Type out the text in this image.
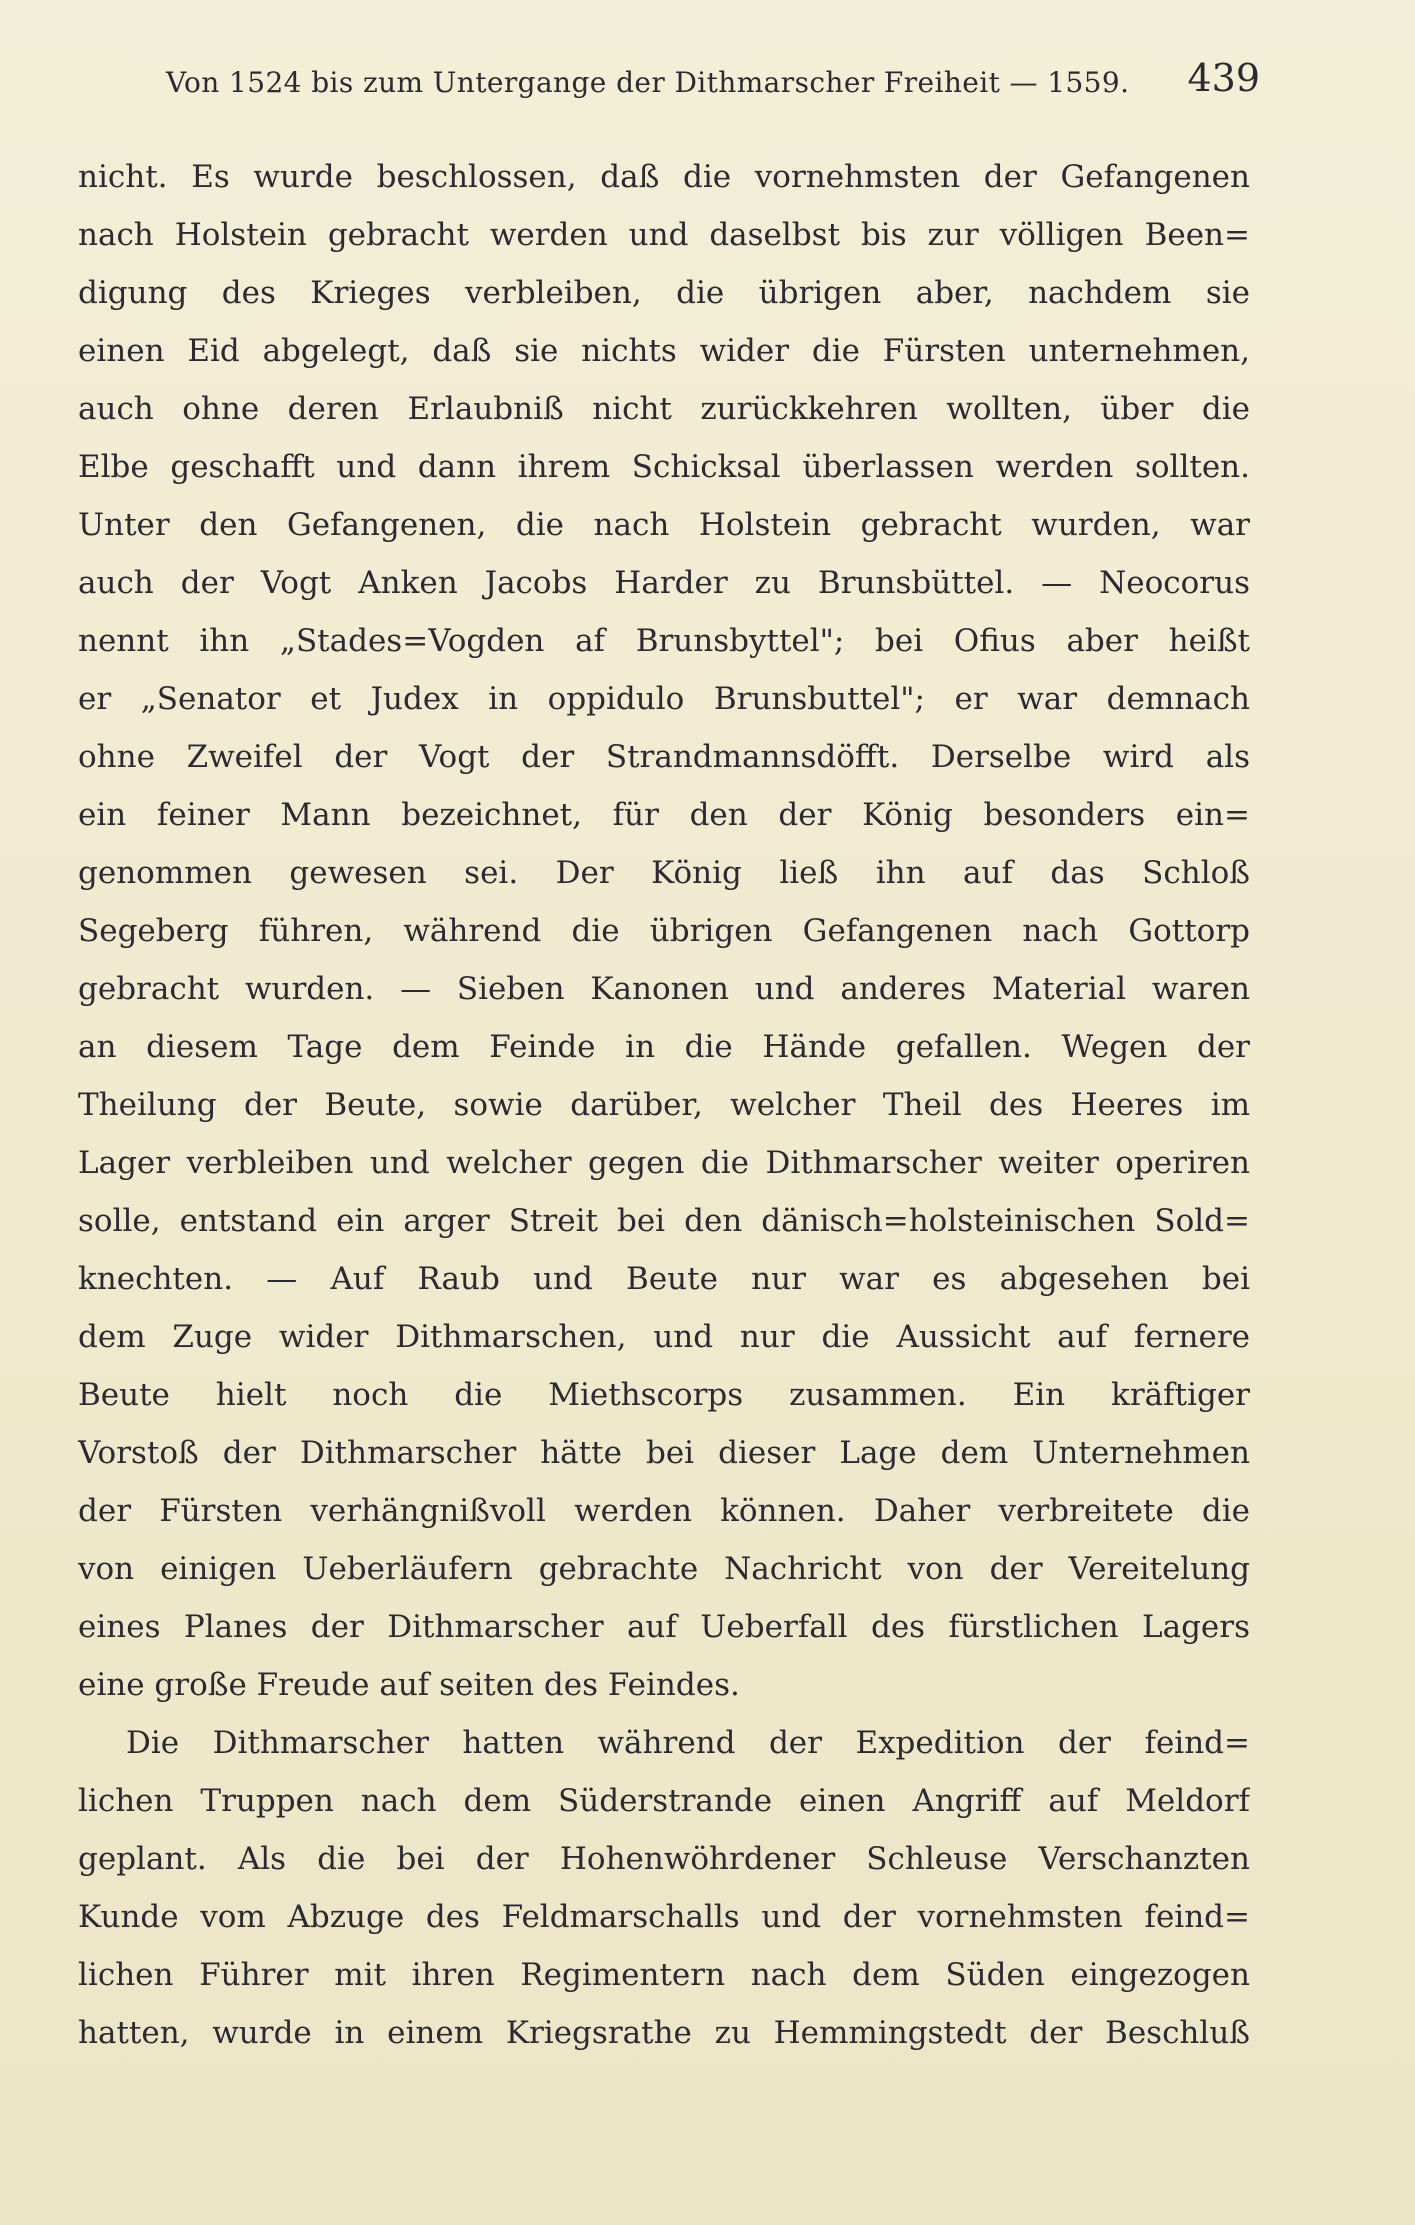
Von 1524 bis zum Untergange der Dithmarscher Freiheit — 1559. 439
nicht. Es wurde beschlossen, daß die vornehmsten der Gefangenen
nach Holstein gebracht werden und daselbst bis zur völligen Been=
digung des Krieges verbleiben, die übrigen aber, nachdem sie
einen Eid abgelegt, daß sie nichts wider die Fürsten unternehmen,
auch ohne deren Erlaubniß nicht zurückkehren wollten, über die
Elbe geschafft und dann ihrem Schicksal überlassen werden sollten.
Unter den Gefangenen, die nach Holstein gebracht wurden, war
auch der Vogt Anken Jacobs Harder zu Brunsbüttel. — Neocorus
nennt ihn „Stades=Vogden af Brunsbyttel"; bei Ofius aber heißt
er „Senator et Judex in oppidulo Brunsbuttel"; er war demnach
ohne Zweifel der Vogt der Strandmannsdöfft. Derselbe wird als
ein feiner Mann bezeichnet, für den der König besonders ein=
genommen gewesen sei. Der König ließ ihn auf das Schloß
Segeberg führen, während die übrigen Gefangenen nach Gottorp
gebracht wurden. — Sieben Kanonen und anderes Material waren
an diesem Tage dem Feinde in die Hände gefallen. Wegen der
Theilung der Beute, sowie darüber, welcher Theil des Heeres im
Lager verbleiben und welcher gegen die Dithmarscher weiter operiren
solle, entstand ein arger Streit bei den dänisch=holsteinischen Sold=
knechten. — Auf Raub und Beute nur war es abgesehen bei
dem Zuge wider Dithmarschen, und nur die Aussicht auf fernere
Beute hielt noch die Miethscorps zusammen. Ein kräftiger
Vorstoß der Dithmarscher hätte bei dieser Lage dem Unternehmen
der Fürsten verhängnißvoll werden können. Daher verbreitete die
von einigen Ueberläufern gebrachte Nachricht von der Vereitelung
eines Planes der Dithmarscher auf Ueberfall des fürstlichen Lagers
eine große Freude auf seiten des Feindes.
Die Dithmarscher hatten während der Expedition der feind=
lichen Truppen nach dem Süderstrande einen Angriff auf Meldorf
geplant. Als die bei der Hohenwöhrdener Schleuse Verschanzten
Kunde vom Abzuge des Feldmarschalls und der vornehmsten feind=
lichen Führer mit ihren Regimentern nach dem Süden eingezogen
hatten, wurde in einem Kriegsrathe zu Hemmingstedt der Beschluß
